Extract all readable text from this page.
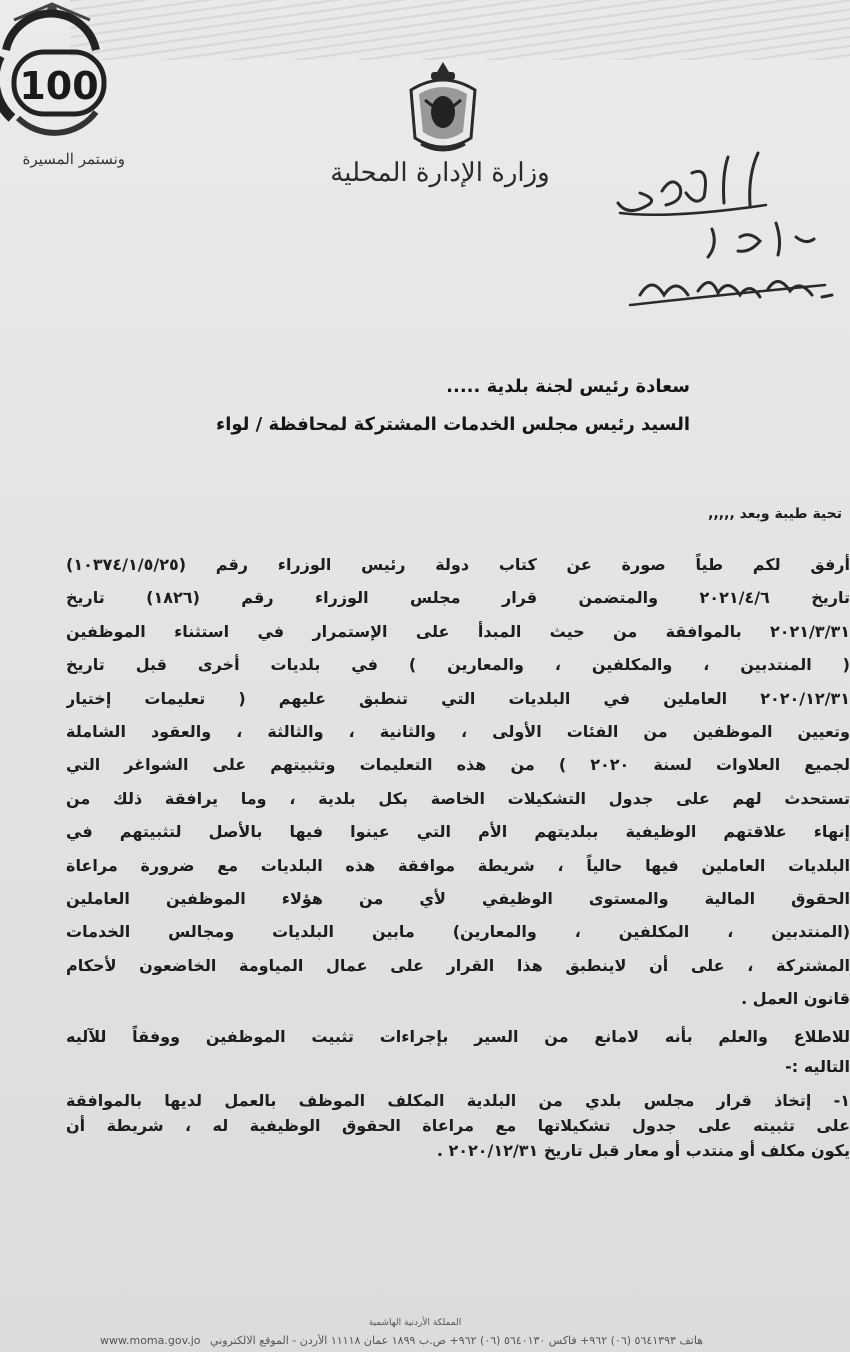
100
ونستمر المسيرة	وزارة الإدارة المحلية
سعادة رئيس لجنة بلدية .....
السيد رئيس مجلس الخدمات المشتركة لمحافظة / لواء
تحية طيبة وبعد ,,,,,
أرفق لكم طياً صورة عن كتاب دولة رئيس الوزراء رقم (١٠٣٧٤/١/٥/٢٥)
تاريخ ٢٠٢١/٤/٦ والمتضمن قرار مجلس الوزراء رقم (١٨٢٦) تاريخ
٢٠٢١/٣/٣١ بالموافقة من حيث المبدأ على الإستمرار في استثناء الموظفين
( المنتدبين ، والمكلفين ، والمعارين ) في بلديات أخرى قبل تاريخ
٢٠٢٠/١٢/٣١ العاملين في البلديات التي تنطبق عليهم ( تعليمات إختيار
وتعيين الموظفين من الفئات الأولى ، والثانية ، والثالثة ، والعقود الشاملة
لجميع العلاوات لسنة ٢٠٢٠ ) من هذه التعليمات وتثبيتهم على الشواغر التي
تستحدث لهم على جدول التشكيلات الخاصة بكل بلدية ، وما يرافقة ذلك من
إنهاء علاقتهم الوظيفية ببلديتهم الأم التي عينوا فيها بالأصل لتثبيتهم في
البلديات العاملين فيها حالياً ، شريطة موافقة هذه البلديات مع ضرورة مراعاة
الحقوق المالية والمستوى الوظيفي لأي من هؤلاء الموظفين العاملين
(المنتدبين ، المكلفين ، والمعارين) مابين البلديات ومجالس الخدمات
المشتركة ، على أن لاينطبق هذا القرار على عمال المياومة الخاضعون لأحكام
قانون العمل .
للاطلاع والعلم بأنه لامانع من السير بإجراءات تثبيت الموظفين ووفقاً للآليه
التاليه :-
١- إتخاذ قرار مجلس بلدي من البلدية المكلف الموظف بالعمل لديها بالموافقة
على تثبيته على جدول تشكيلاتها مع مراعاة الحقوق الوظيفية له ، شريطة أن
يكون مكلف أو منتدب أو معار قبل تاريخ ٢٠٢٠/١٢/٣١ .
المملكة الأردنية الهاشمية
www.moma.gov.jo هاتف ٥٦٤١٣٩٣ (٠٦) ٩٦٢+ فاكس ٥٦٤٠١٣٠ (٠٦) ٩٦٢+ ص.ب ١٨٩٩ عمان ١١١١٨ الأردن - الموقع الالكتروني
